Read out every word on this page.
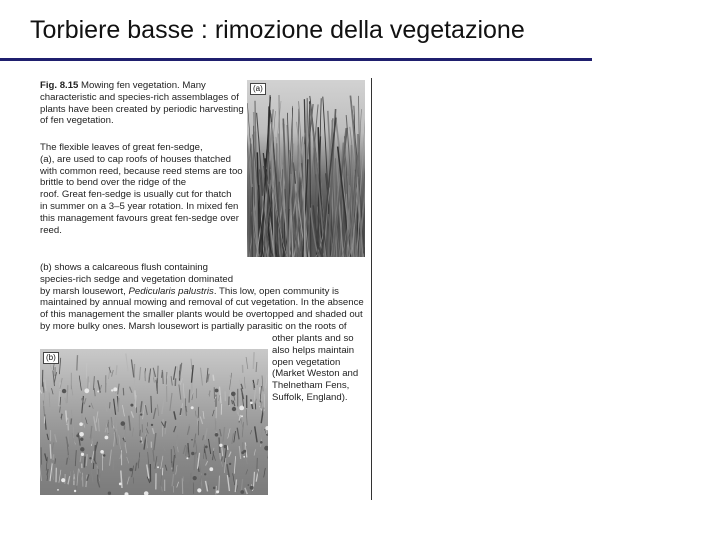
Torbiere basse : rimozione della vegetazione
(a)
(b)

Fig. 8.15 Mowing fen vegetation. Many
characteristic and species-rich assemblages of
plants have been created by periodic harvesting
of fen vegetation.

The flexible leaves of great fen-sedge,
(a), are used to cap roofs of houses thatched
with common reed, because reed stems are too
brittle to bend over the ridge of the
roof. Great fen-sedge is usually cut for thatch
in summer on a 3–5 year rotation. In mixed fen
this management favours great fen-sedge over
reed.

(b) shows a calcareous flush containing
species-rich sedge and vegetation dominated
by marsh lousewort, Pedicularis palustris. This low, open community is
maintained by annual mowing and removal of cut vegetation. In the absence
of this management the smaller plants would be overtopped and shaded out
by more bulky ones. Marsh lousewort is partially parasitic on the roots of

other plants and so
also helps maintain
open vegetation
(Market Weston and
Thelnetham Fens,
Suffolk, England).
